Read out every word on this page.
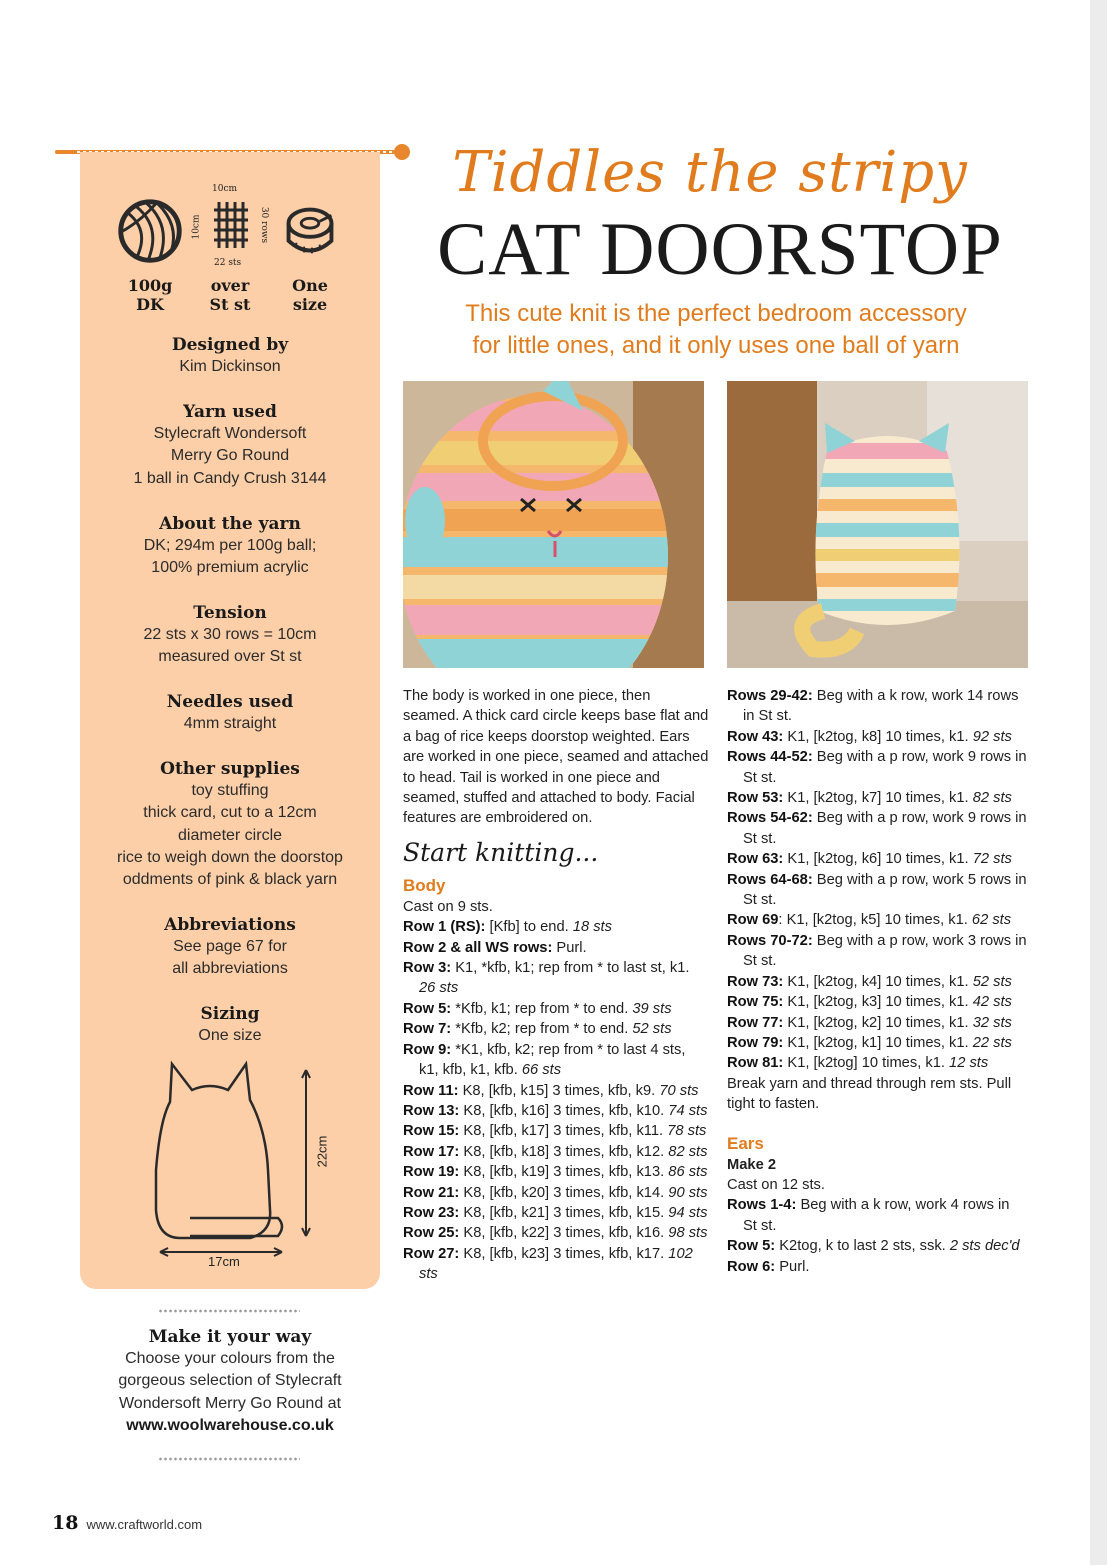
100g
DK
10cm
10cm	30 rows
22 sts
over
St st
One
size
Designed by

Kim Dickinson

Yarn used

Stylecraft Wondersoft

Merry Go Round

1 ball in Candy Crush 3144

About the yarn

DK; 294m per 100g ball;

100% premium acrylic

Tension

22 sts x 30 rows = 10cm

measured over St st

Needles used

4mm straight

Other supplies

toy stuffing

thick card, cut to a 12cm

diameter circle

rice to weigh down the doorstop

oddments of pink & black yarn

Abbreviations

See page 67 for

all abbreviations

Sizing

One size

22cm
17cm
Make it your way

Choose your colours from the

gorgeous selection of Stylecraft

Wondersoft Merry Go Round at

www.woolwarehouse.co.uk

Tiddles the stripy
CAT DOORSTOP
This cute knit is the perfect bedroom accessory
for little ones, and it only uses one ball of yarn

The body is worked in one piece, then seamed. A thick card circle keeps base flat and a bag of rice keeps doorstop weighted. Ears are worked in one piece, seamed and attached to head. Tail is worked in one piece and seamed, stuffed and attached to body. Facial features are embroidered on.

Start knitting...

Body

Cast on 9 sts.

Row 1 (RS): [Kfb] to end. 18 sts

Row 2 & all WS rows: Purl.

Row 3: K1, *kfb, k1; rep from * to last st, k1. 26 sts

Row 5: *Kfb, k1; rep from * to end. 39 sts

Row 7: *Kfb, k2; rep from * to end. 52 sts

Row 9: *K1, kfb, k2; rep from * to last 4 sts, k1, kfb, k1, kfb. 66 sts

Row 11: K8, [kfb, k15] 3 times, kfb, k9. 70 sts

Row 13: K8, [kfb, k16] 3 times, kfb, k10. 74 sts

Row 15: K8, [kfb, k17] 3 times, kfb, k11. 78 sts

Row 17: K8, [kfb, k18] 3 times, kfb, k12. 82 sts

Row 19: K8, [kfb, k19] 3 times, kfb, k13. 86 sts

Row 21: K8, [kfb, k20] 3 times, kfb, k14. 90 sts

Row 23: K8, [kfb, k21] 3 times, kfb, k15. 94 sts

Row 25: K8, [kfb, k22] 3 times, kfb, k16. 98 sts

Row 27: K8, [kfb, k23] 3 times, kfb, k17. 102 sts

Rows 29-42: Beg with a k row, work 14 rows in St st.

Row 43: K1, [k2tog, k8] 10 times, k1. 92 sts

Rows 44-52: Beg with a p row, work 9 rows in St st.

Row 53: K1, [k2tog, k7] 10 times, k1. 82 sts

Rows 54-62: Beg with a p row, work 9 rows in St st.

Row 63: K1, [k2tog, k6] 10 times, k1. 72 sts

Rows 64-68: Beg with a p row, work 5 rows in St st.

Row 69: K1, [k2tog, k5] 10 times, k1. 62 sts

Rows 70-72: Beg with a p row, work 3 rows in St st.

Row 73: K1, [k2tog, k4] 10 times, k1. 52 sts

Row 75: K1, [k2tog, k3] 10 times, k1. 42 sts

Row 77: K1, [k2tog, k2] 10 times, k1. 32 sts

Row 79: K1, [k2tog, k1] 10 times, k1. 22 sts

Row 81: K1, [k2tog] 10 times, k1. 12 sts

Break yarn and thread through rem sts. Pull tight to fasten.

Ears

Make 2

Cast on 12 sts.

Rows 1-4: Beg with a k row, work 4 rows in St st.

Row 5: K2tog, k to last 2 sts, ssk. 2 sts dec'd

Row 6: Purl.

18 www.craftworld.com
